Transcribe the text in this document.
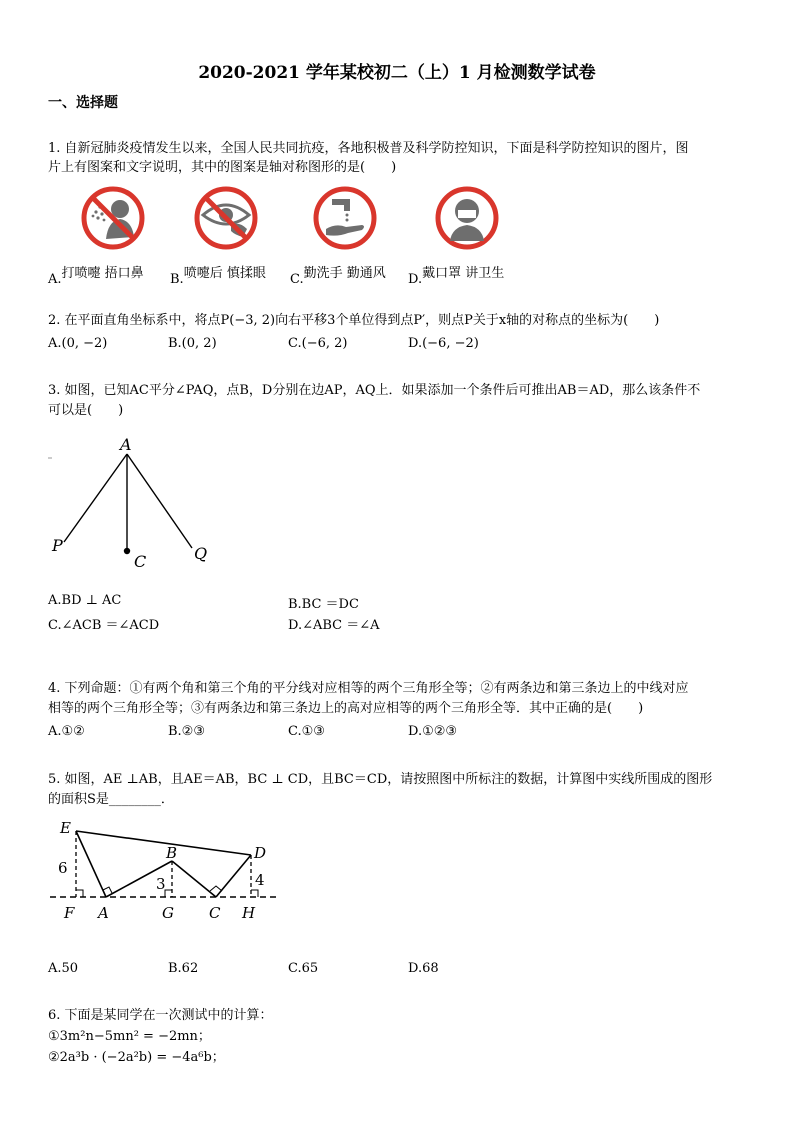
2020-2021 学年某校初二（上）1 月检测数学试卷
一、选择题
1. 自新冠肺炎疫情发生以来，全国人民共同抗疫，各地积极普及科学防控知识，下面是科学防控知识的图片，图
片上有图案和文字说明，其中的图案是轴对称图形的是(　　)
A.打喷嚏 捂口鼻 B.喷嚏后 慎揉眼 C.勤洗手 勤通风 D.戴口罩 讲卫生
2. 在平面直角坐标系中，将点P(−3, 2)向右平移3个单位得到点P′，则点P关于x轴的对称点的坐标为(　　)
A.(0, −2)	B.(0, 2)	C.(−6, 2)	D.(−6, −2)
3. 如图，已知AC平分∠PAQ，点B，D分别在边AP，AQ上．如果添加一个条件后可推出AB＝AD，那么该条件不
可以是(　　)
A
P
C	Q
A.BD ⊥ AC	B.BC ＝DC
C.∠ACB ＝∠ACD	D.∠ABC ＝∠A
4. 下列命题：①有两个角和第三个角的平分线对应相等的两个三角形全等；②有两条边和第三条边上的中线对应
相等的两个三角形全等；③有两条边和第三条边上的高对应相等的两个三角形全等．其中正确的是(　　)
A.①②	B.②③	C.①③	D.①②③
5. 如图，AE ⊥AB，且AE＝AB，BC ⊥ CD，且BC＝CD，请按照图中所标注的数据，计算图中实线所围成的图形
的面积S是________．
E
B	D
F A	G C H
6
3	4
A.50	B.62	C.65	D.68
6. 下面是某同学在一次测试中的计算：
①3m²n−5mn² = −2mn；
②2a³b · (−2a²b) = −4a⁶b；
